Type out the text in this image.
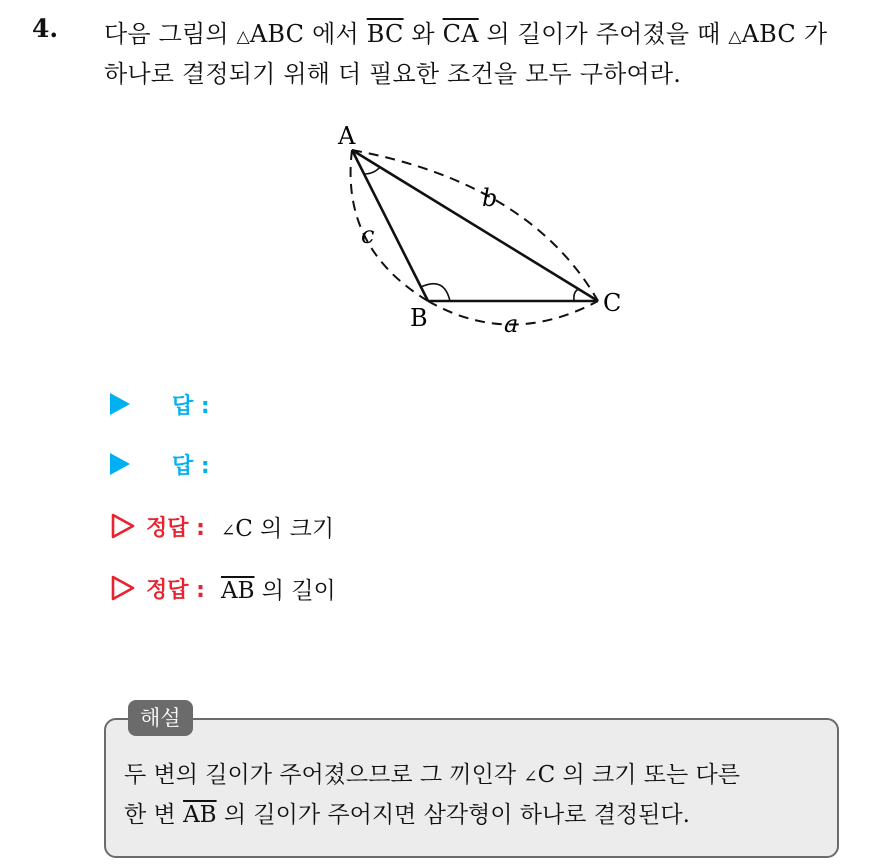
4. 다음 그림의 △ABC 에서 $\overline{BC}$ 와 $\overline{CA}$ 의 길이가 주어졌을 때 △ABC 가
하나로 결정되기 위해 더 필요한 조건을 모두 구하여라.
A
B
C
a
b
c
답 :
답 :
정답 : ∠C 의 크기
정답 : $\overline{AB}$ 의 길이
해설
두 변의 길이가 주어졌으므로 그 끼인각 ∠C 의 크기 또는 다른
한 변 $\overline{AB}$ 의 길이가 주어지면 삼각형이 하나로 결정된다.
